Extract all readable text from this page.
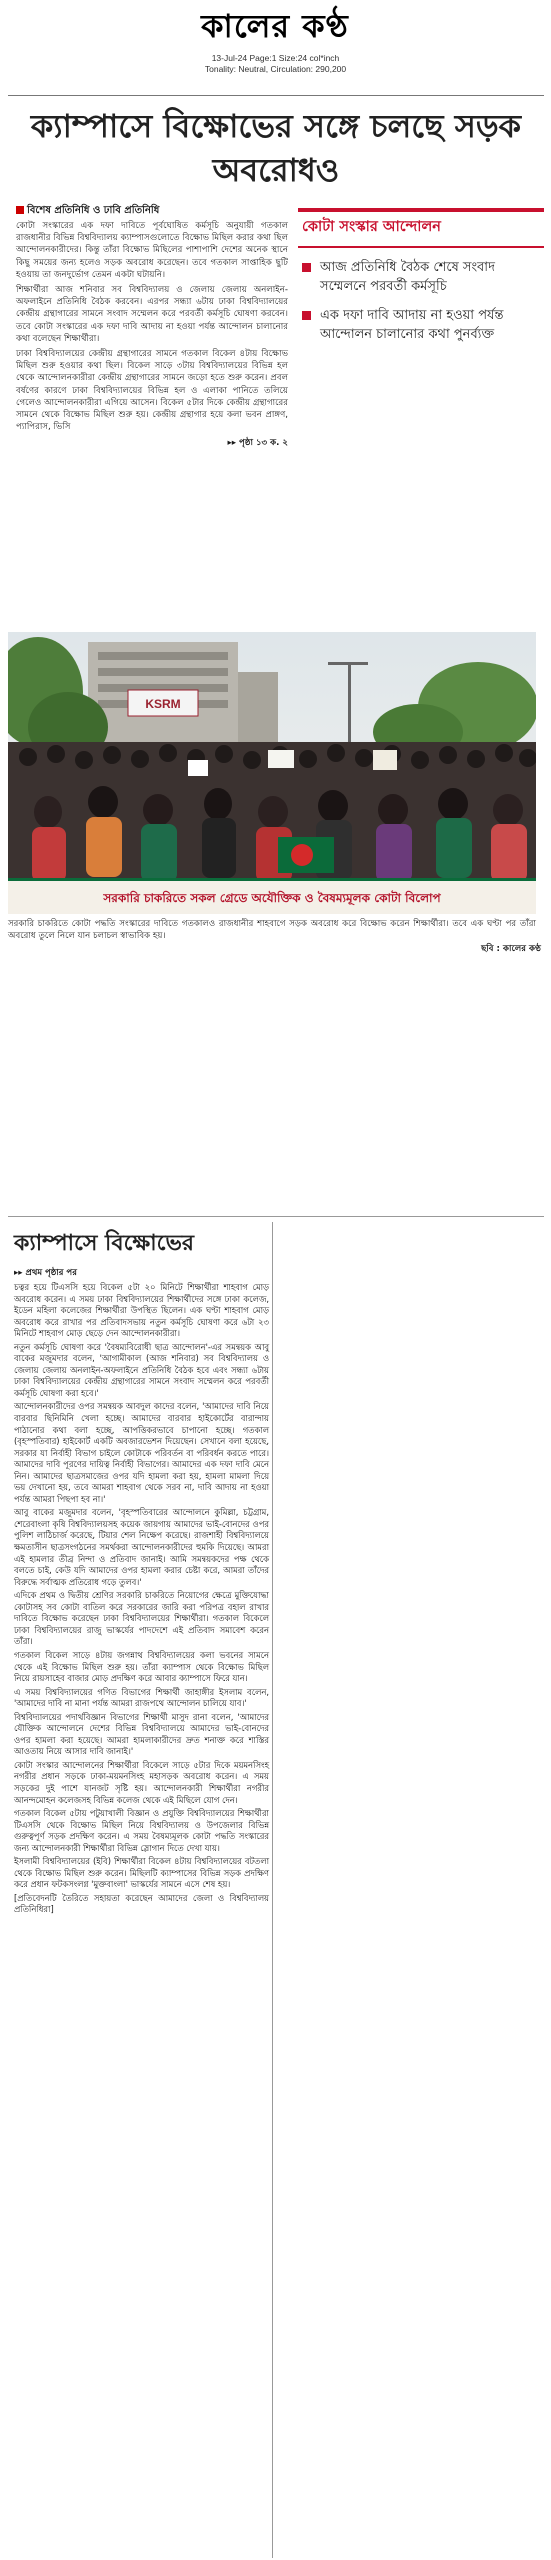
কালের কণ্ঠ
13-Jul-24 Page:1 Size:24 col*inch
Tonality: Neutral, Circulation: 290,200
ক্যাম্পাসে বিক্ষোভের সঙ্গে চলছে সড়ক অবরোধও
বিশেষ প্রতিনিধি ও ঢাবি প্রতিনিধি

কোটা সংস্কারের এক দফা দাবিতে পূর্বঘোষিত কর্মসূচি অনুযায়ী গতকাল রাজধানীর বিভিন্ন বিশ্ববিদ্যালয় ক্যাম্পাসগুলোতে বিক্ষোভ মিছিল করার কথা ছিল আন্দোলনকারীদের। কিন্তু তাঁরা বিক্ষোভ মিছিলের পাশাপাশি দেশের অনেক স্থানে কিছু সময়ের জন্য হলেও সড়ক অবরোধ করেছেন। তবে গতকাল সাপ্তাহিক ছুটি হওয়ায় তা জনদুর্ভোগ তেমন একটা ঘটায়নি।

শিক্ষার্থীরা আজ শনিবার সব বিশ্ববিদ্যালয় ও জেলায় জেলায় অনলাইন-অফলাইনে প্রতিনিধি বৈঠক করবেন। এরপর সন্ধ্যা ৬টায় ঢাকা বিশ্ববিদ্যালয়ের কেন্দ্রীয় গ্রন্থাগারের সামনে সংবাদ সম্মেলন করে পরবর্তী কর্মসূচি ঘোষণা করবেন। তবে কোটা সংস্কারের এক দফা দাবি আদায় না হওয়া পর্যন্ত আন্দোলন চালানোর কথা বলেছেন শিক্ষার্থীরা।

ঢাকা বিশ্ববিদ্যালয়ের কেন্দ্রীয় গ্রন্থাগারের সামনে গতকাল বিকেল ৪টায় বিক্ষোভ মিছিল শুরু হওয়ার কথা ছিল। বিকেল সাড়ে ৩টায় বিশ্ববিদ্যালয়ের বিভিন্ন হল থেকে আন্দোলনকারীরা কেন্দ্রীয় গ্রন্থাগারের সামনে জড়ো হতে শুরু করেন। প্রবল বর্ষণের কারণে ঢাকা বিশ্ববিদ্যালয়ের বিভিন্ন হল ও এলাকা পানিতে তলিয়ে গেলেও আন্দোলনকারীরা এগিয়ে আসেন। বিকেল ৫টার দিকে কেন্দ্রীয় গ্রন্থাগারের সামনে থেকে বিক্ষোভ মিছিল শুরু হয়। কেন্দ্রীয় গ্রন্থাগার হয়ে কলা ভবন প্রাঙ্গণ, প্যাপিরাস, ভিসি

▸▸ পৃষ্ঠা ১৩ ক. ২
কোটা সংস্কার আন্দোলন
আজ প্রতিনিধি বৈঠক শেষে সংবাদ সম্মেলনে পরবর্তী কর্মসূচি
এক দফা দাবি আদায় না হওয়া পর্যন্ত আন্দোলন চালানোর কথা পুনর্ব্যক্ত
KSRM
সরকারি চাকরিতে সকল গ্রেডে অযৌক্তিক ও বৈষম্যমূলক কোটা বিলোপ

সরকারি চাকরিতে কোটা পদ্ধতি সংস্কারের দাবিতে গতকালও রাজধানীর শাহবাগে সড়ক অবরোধ করে বিক্ষোভ করেন শিক্ষার্থীরা। তবে এক ঘণ্টা পর তাঁরা অবরোধ তুলে নিলে যান চলাচল স্বাভাবিক হয়।

ছবি : কালের কণ্ঠ
ক্যাম্পাসে বিক্ষোভের
▸▸ প্রথম পৃষ্ঠার পর

চত্বর হয়ে টিএসসি হয়ে বিকেল ৫টা ২০ মিনিটে শিক্ষার্থীরা শাহবাগ মোড় অবরোধ করেন। এ সময় ঢাকা বিশ্ববিদ্যালয়ের শিক্ষার্থীদের সঙ্গে ঢাকা কলেজ, ইডেন মহিলা কলেজের শিক্ষার্থীরা উপস্থিত ছিলেন। এক ঘণ্টা শাহবাগ মোড় অবরোধ করে রাখার পর প্রতিবাদসভায় নতুন কর্মসূচি ঘোষণা করে ৬টা ২৩ মিনিটে শাহবাগ মোড় ছেড়ে দেন আন্দোলনকারীরা।

নতুন কর্মসূচি ঘোষণা করে 'বৈষম্যবিরোধী ছাত্র আন্দোলন'-এর সমন্বয়ক আবু বাকের মজুমদার বলেন, 'আগামীকাল (আজ শনিবার) সব বিশ্ববিদ্যালয় ও জেলায় জেলায় অনলাইন-অফলাইনে প্রতিনিধি বৈঠক হবে এবং সন্ধ্যা ৬টায় ঢাকা বিশ্ববিদ্যালয়ের কেন্দ্রীয় গ্রন্থাগারের সামনে সংবাদ সম্মেলন করে পরবর্তী কর্মসূচি ঘোষণা করা হবে।'

আন্দোলনকারীদের ওপর সমন্বয়ক আবদুল কাদের বলেন, 'আমাদের দাবি নিয়ে বারবার ছিনিমিনি খেলা হচ্ছে। আমাদের বারবার হাইকোর্টের বারান্দায় পাঠানোর কথা বলা হচ্ছে, আপত্তিকরভাবে চাপানো হচ্ছে। গতকাল (বৃহস্পতিবার) হাইকোর্ট একটি অবজারভেশন দিয়েছেন। সেখানে বলা হয়েছে, সরকার যা নির্বাহী বিভাগ চাইলে কোটাকে পরিবর্তন বা পরিবর্ধন করতে পারে। আমাদের দাবি পূরণের দায়িত্ব নির্বাহী বিভাগের। আমাদের এক দফা দাবি মেনে নিন। আমাদের ছাত্রসমাজের ওপর যদি হামলা করা হয়, হামলা মামলা দিয়ে ভয় দেখানো হয়, তবে আমরা শাহবাগ থেকে সরব না, দাবি আদায় না হওয়া পর্যন্ত আমরা পিছপা হব না।'

আবু বাকের মজুমদার বলেন, 'বৃহস্পতিবারের আন্দোলনে কুমিল্লা, চট্টগ্রাম, শেরেবাংলা কৃষি বিশ্ববিদ্যালয়সহ কয়েক জায়গায় আমাদের ভাই-বোনদের ওপর পুলিশ লাঠিচার্জ করেছে, টিয়ার শেল নিক্ষেপ করেছে। রাজশাহী বিশ্ববিদ্যালয়ে ক্ষমতাসীন ছাত্রসংগঠনের সমর্থকরা আন্দোলনকারীদের হুমকি দিয়েছে। আমরা এই হামলার তীব্র নিন্দা ও প্রতিবাদ জানাই। আমি সমন্বয়কদের পক্ষ থেকে বলতে চাই, কেউ যদি আমাদের ওপর হামলা করার চেষ্টা করে, আমরা তাঁদের বিরুদ্ধে সর্বাত্মক প্রতিরোধ গড়ে তুলব।'

এদিকে প্রথম ও দ্বিতীয় শ্রেণির সরকারি চাকরিতে নিয়োগের ক্ষেত্রে মুক্তিযোদ্ধা কোটাসহ সব কোটা বাতিল করে সরকারের জারি করা পরিপত্র বহাল রাখার দাবিতে বিক্ষোভ করেছেন ঢাকা বিশ্ববিদ্যালয়ের শিক্ষার্থীরা। গতকাল বিকেলে ঢাকা বিশ্ববিদ্যালয়ের রাজু ভাস্কর্যের পাদদেশে এই প্রতিবাদ সমাবেশ করেন তাঁরা।

গতকাল বিকেল সাড়ে ৪টায় জগন্নাথ বিশ্ববিদ্যালয়ের কলা ভবনের সামনে থেকে এই বিক্ষোভ মিছিল শুরু হয়। তাঁরা ক্যাম্পাস থেকে বিক্ষোভ মিছিল নিয়ে রায়সাহেব বাজার মোড় প্রদক্ষিণ করে আবার ক্যাম্পাসে ফিরে যান।

এ সময় বিশ্ববিদ্যালয়ের গণিত বিভাগের শিক্ষার্থী জাহাঙ্গীর ইসলাম বলেন, 'আমাদের দাবি না মানা পর্যন্ত আমরা রাজপথে আন্দোলন চালিয়ে যাব।'

বিশ্ববিদ্যালয়ের পদার্থবিজ্ঞান বিভাগের শিক্ষার্থী মাসুদ রানা বলেন, 'আমাদের যৌক্তিক আন্দোলনে দেশের বিভিন্ন বিশ্ববিদ্যালয়ে আমাদের ভাই-বোনদের ওপর হামলা করা হয়েছে। আমরা হামলাকারীদের দ্রুত শনাক্ত করে শাস্তির আওতায় নিয়ে আসার দাবি জানাই।'

কোটা সংস্কার আন্দোলনের শিক্ষার্থীরা বিকেলে সাড়ে ৫টার দিকে ময়মনসিংহ নগরীর প্রধান সড়কে ঢাকা-ময়মনসিংহ মহাসড়ক অবরোধ করেন। এ সময় সড়কের দুই পাশে যানজট সৃষ্টি হয়। আন্দোলনকারী শিক্ষার্থীরা নগরীর আনন্দমোহন কলেজসহ বিভিন্ন কলেজ থেকে এই মিছিলে যোগ দেন।

গতকাল বিকেল ৫টায় পটুয়াখালী বিজ্ঞান ও প্রযুক্তি বিশ্ববিদ্যালয়ের শিক্ষার্থীরা টিএসসি থেকে বিক্ষোভ মিছিল নিয়ে বিশ্ববিদ্যালয় ও উপজেলার বিভিন্ন গুরুত্বপূর্ণ সড়ক প্রদক্ষিণ করেন। এ সময় বৈষম্যমূলক কোটা পদ্ধতি সংস্কারের জন্য আন্দোলনকারী শিক্ষার্থীরা বিভিন্ন স্লোগান দিতে দেখা যায়।

ইসলামী বিশ্ববিদ্যালয়ের (ইবি) শিক্ষার্থীরা বিকেল ৪টায় বিশ্ববিদ্যালয়ের বটতলা থেকে বিক্ষোভ মিছিল শুরু করেন। মিছিলটি ক্যাম্পাসের বিভিন্ন সড়ক প্রদক্ষিণ করে প্রধান ফটকসংলগ্ন 'মুক্তবাংলা' ভাস্কর্যের সামনে এসে শেষ হয়।

[প্রতিবেদনটি তৈরিতে সহায়তা করেছেন আমাদের জেলা ও বিশ্ববিদ্যালয় প্রতিনিধিরা]
